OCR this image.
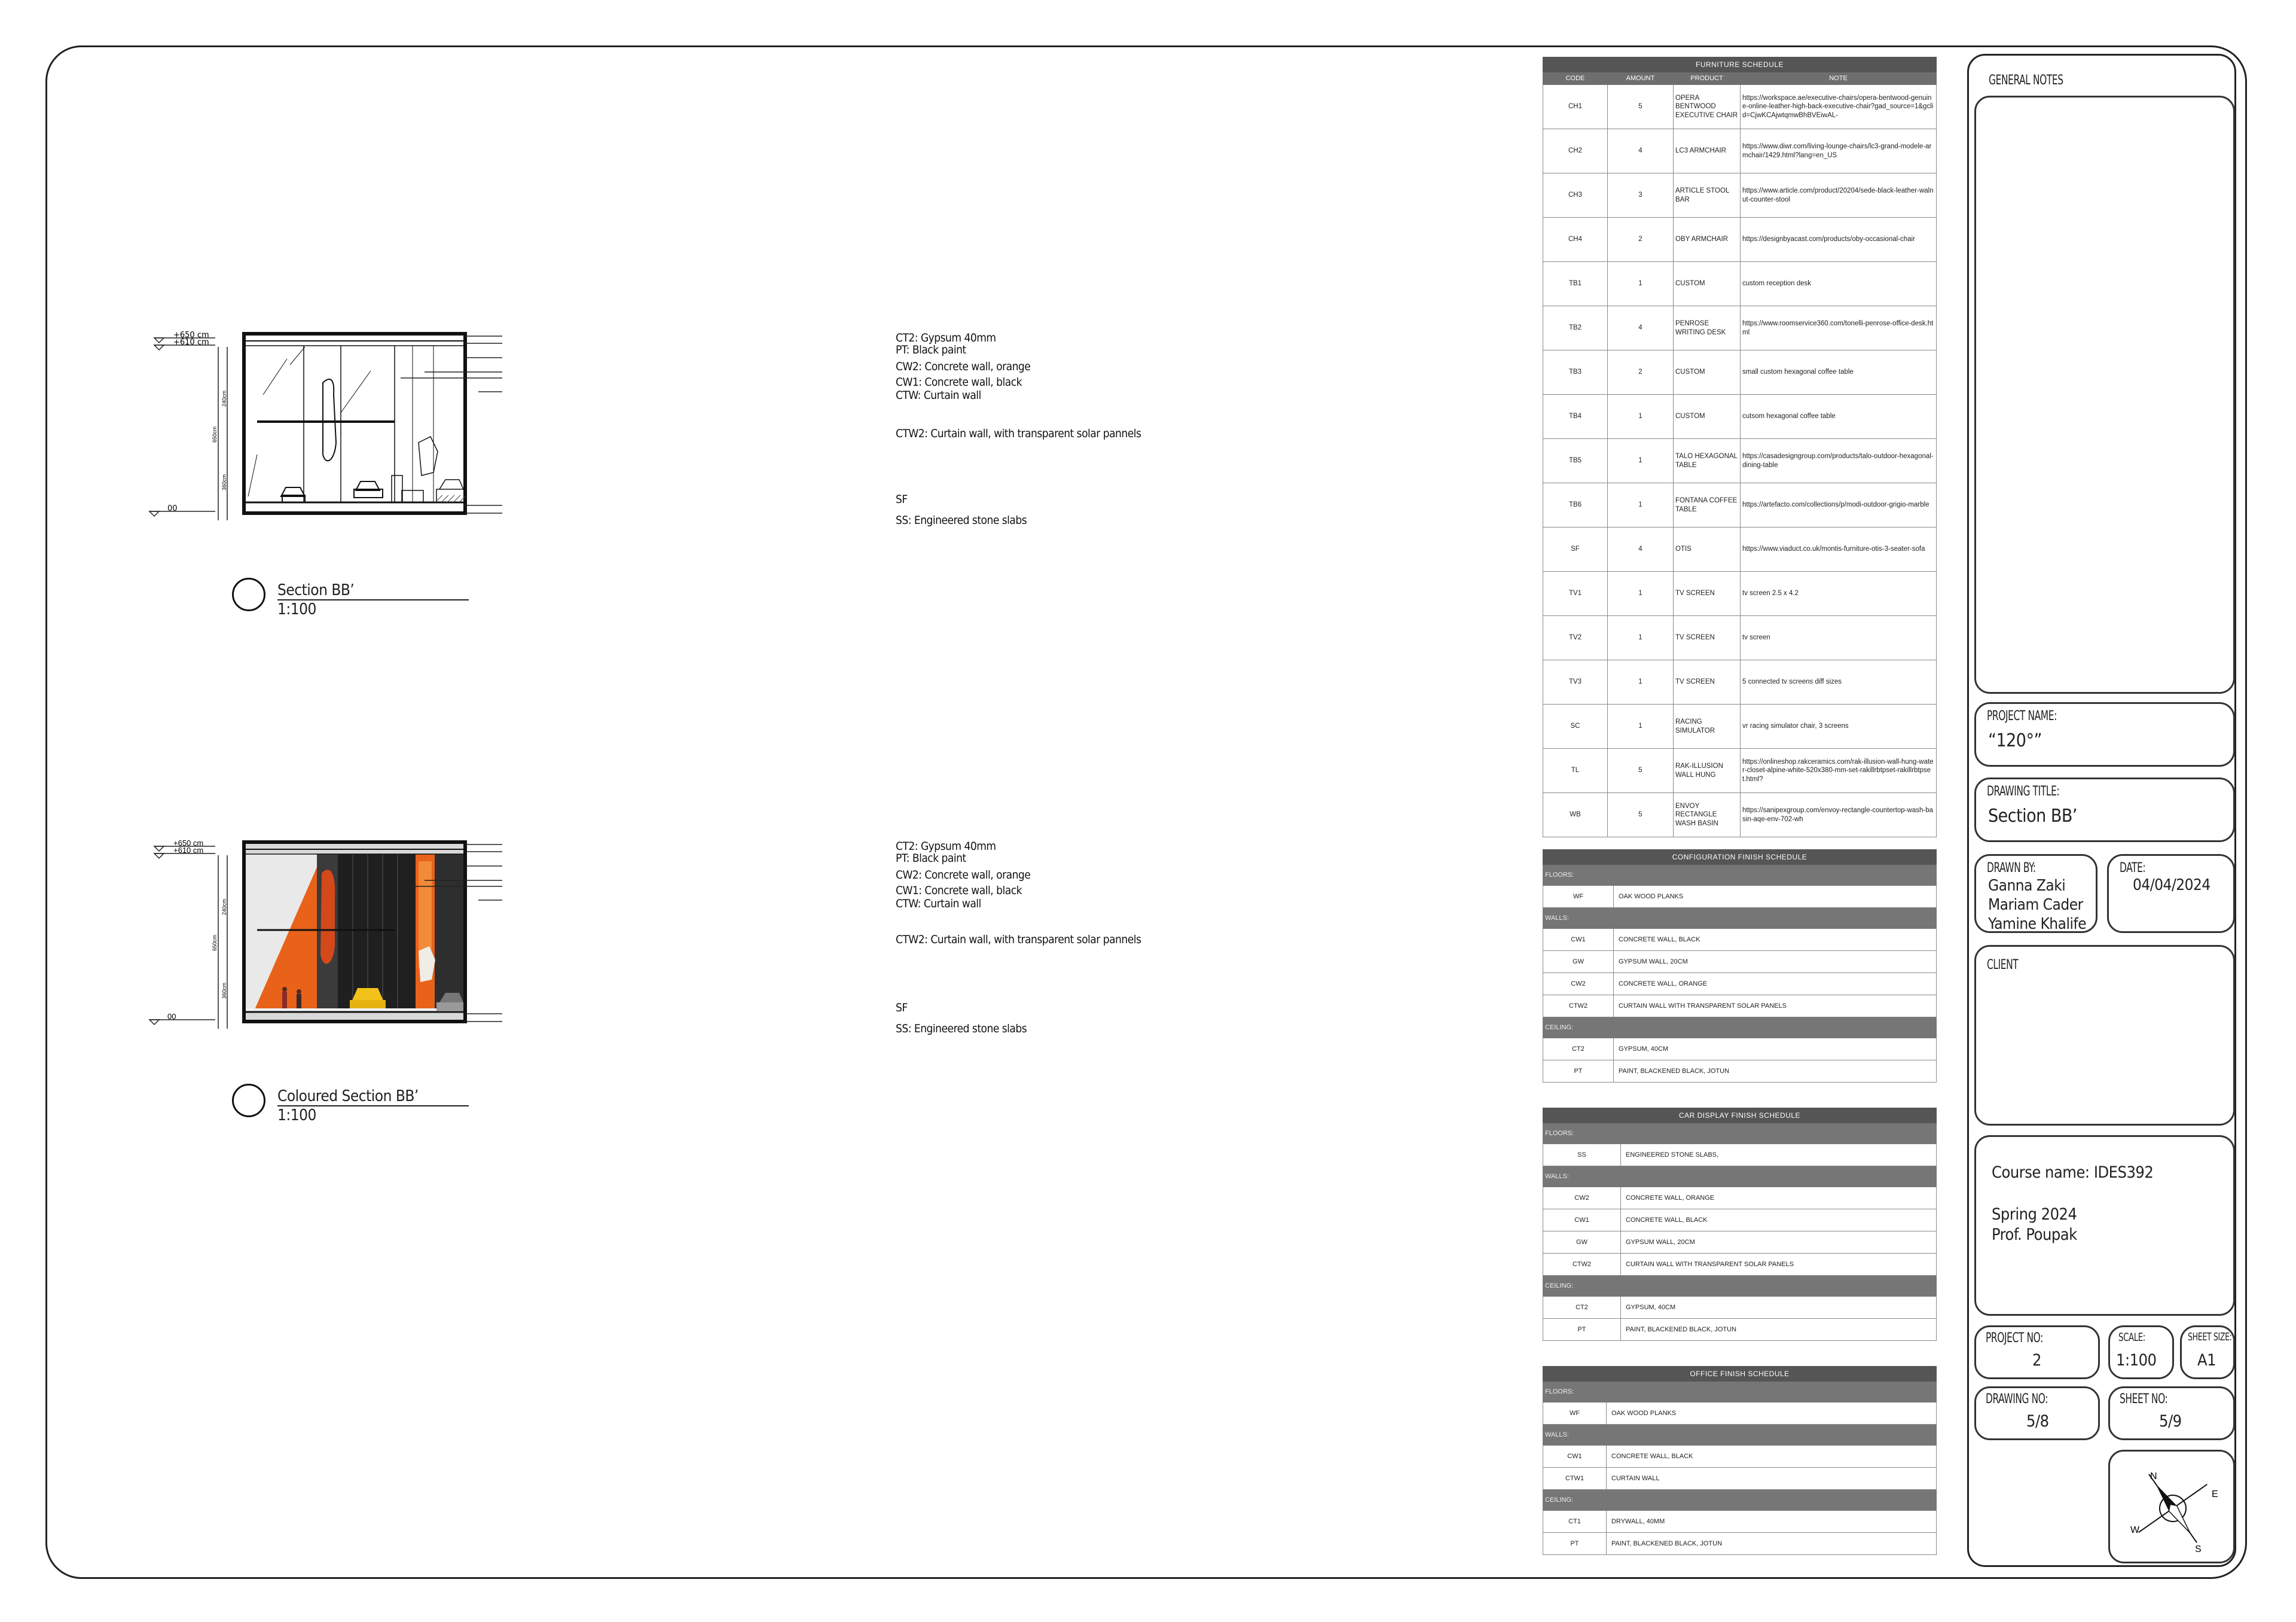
+650 cm
+610 cm
00
240cm
650cm
360cm
CT2: Gypsum 40mm
PT: Black paint
CW2: Concrete wall, orange
CW1: Concrete wall, black
CTW: Curtain wall
CTW2: Curtain wall, with transparent solar pannels
SF
SS: Engineered stone slabs
Section BB’
1:100
+650 cm
+610 cm
00
240cm
650cm
360cm
CT2: Gypsum 40mm
PT: Black paint
CW2: Concrete wall, orange
CW1: Concrete wall, black
CTW: Curtain wall
CTW2: Curtain wall, with transparent solar pannels
SF
SS: Engineered stone slabs
Coloured Section BB’
1:100
FURNITURE SCHEDULE			
CODE	AMOUNT	PRODUCT	NOTE
CH1	5	OPERA BENTWOOD EXECUTIVE CHAIR	https://workspace.ae/executive-chairs/opera-bentwood-genuine-online-leather-high-back-executive-chair?gad_source=1&gclid=CjwKCAjwtqmwBhBVEiwAL-
CH2	4	LC3 ARMCHAIR	https://www.diwr.com/living-lounge-chairs/lc3-grand-modele-armchair/1429.html?lang=en_US
CH3	3	ARTICLE STOOL BAR	https://www.article.com/product/20204/sede-black-leather-walnut-counter-stool
CH4	2	OBY ARMCHAIR	https://designbyacast.com/products/oby-occasional-chair
TB1	1	CUSTOM	custom reception desk
TB2	4	PENROSE WRITING DESK	https://www.roomservice360.com/tonelli-penrose-office-desk.html
TB3	2	CUSTOM	small custom hexagonal coffee table
TB4	1	CUSTOM	cutsom hexagonal coffee table
TB5	1	TALO HEXAGONAL TABLE	https://casadesigngroup.com/products/talo-outdoor-hexagonal-dining-table
TB6	1	FONTANA COFFEE TABLE	https://artefacto.com/collections/p/modi-outdoor-grigio-marble
SF	4	OTIS	https://www.viaduct.co.uk/montis-furniture-otis-3-seater-sofa
TV1	1	TV SCREEN	tv screen 2.5 x 4.2
TV2	1	TV SCREEN	tv screen
TV3	1	TV SCREEN	5 connected tv screens diff sizes
SC	1	RACING SIMULATOR	vr racing simulator chair, 3 screens
TL	5	RAK-ILLUSION WALL HUNG	https://onlineshop.rakceramics.com/rak-illusion-wall-hung-water-closet-alpine-white-520x380-mm-set-rakillrbtpset-rakillrbtpset.html?
WB	5	ENVOY RECTANGLE WASH BASIN	https://sanipexgroup.com/envoy-rectangle-countertop-wash-basin-aqe-env-702-wh
CONFIGURATION FINISH SCHEDULE	
FLOORS:	
WF	OAK WOOD PLANKS
WALLS:	
CW1	CONCRETE WALL, BLACK
GW	GYPSUM WALL, 20CM
CW2	CONCRETE WALL, ORANGE
CTW2	CURTAIN WALL WITH TRANSPARENT SOLAR PANELS
CEILING:	
CT2	GYPSUM, 40CM
PT	PAINT, BLACKENED BLACK, JOTUN
CAR DISPLAY FINISH SCHEDULE	
FLOORS:	
SS	ENGINEERED STONE SLABS,
WALLS:	
CW2	CONCRETE WALL, ORANGE
CW1	CONCRETE WALL, BLACK
GW	GYPSUM WALL, 20CM
CTW2	CURTAIN WALL WITH TRANSPARENT SOLAR PANELS
CEILING:	
CT2	GYPSUM, 40CM
PT	PAINT, BLACKENED BLACK, JOTUN
OFFICE FINISH SCHEDULE	
FLOORS:	
WF	OAK WOOD PLANKS
WALLS:	
CW1	CONCRETE WALL, BLACK
CTW1	CURTAIN WALL
CEILING:	
CT1	DRYWALL, 40MM
PT	PAINT, BLACKENED BLACK, JOTUN
GENERAL NOTES
PROJECT NAME:
“120°”
DRAWING TITLE:
Section BB’
DRAWN BY:
Ganna Zaki
Mariam Cader
Yamine Khalife
DATE:
04/04/2024
CLIENT
Course name: IDES392
Spring 2024
Prof. Poupak
PROJECT NO:
2
SCALE:
1:100
SHEET SIZE:
A1
DRAWING NO:
5/8
SHEET NO:
5/9
N
E
S
W
